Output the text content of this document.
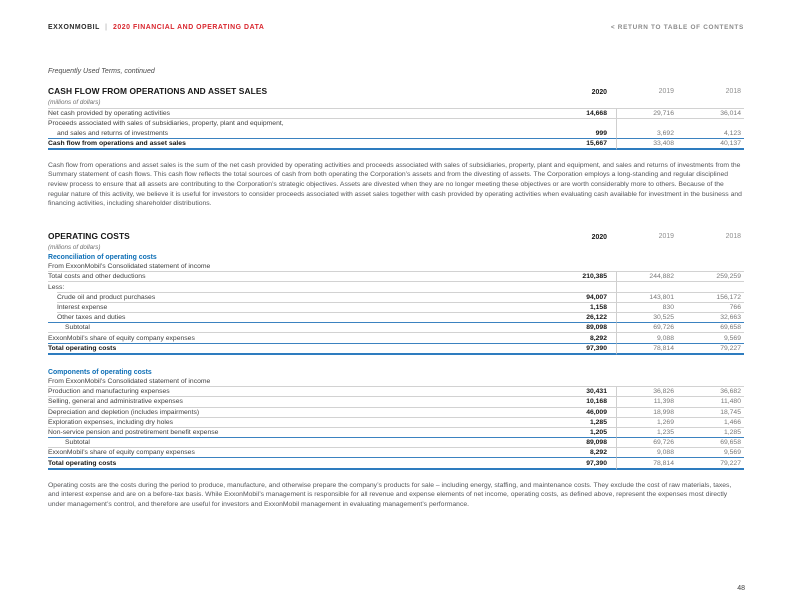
EXXONMOBIL | 2020 FINANCIAL AND OPERATING DATA	< RETURN TO TABLE OF CONTENTS
Frequently Used Terms, continued
CASH FLOW FROM OPERATIONS AND ASSET SALES	2020	2019	2018
(millions of dollars)
Net cash provided by operating activities	14,668	29,716	36,014
Proceeds associated with sales of subsidiaries, property, plant and equipment,
and sales and returns of investments	999	3,692	4,123
Cash flow from operations and asset sales	15,667	33,408	40,137

Cash flow from operations and asset sales is the sum of the net cash provided by operating activities and proceeds associated with sales of subsidiaries, property, plant and equipment, and sales and returns of investments from the Summary statement of cash flows. This cash flow reflects the total sources of cash from both operating the Corporation’s assets and from the divesting of assets. The Corporation employs a long-standing and regular disciplined review process to ensure that all assets are contributing to the Corporation’s strategic objectives. Assets are divested when they are no longer meeting these objectives or are worth considerably more to others. Because of the regular nature of this activity, we believe it is useful for investors to consider proceeds associated with asset sales together with cash provided by operating activities when evaluating cash available for investment in the business and financing activities, including shareholder distributions.

OPERATING COSTS	2020	2019	2018
(millions of dollars)
Reconciliation of operating costs
From ExxonMobil’s Consolidated statement of income
Total costs and other deductions	210,385	244,882	259,259
Less:
Crude oil and product purchases	94,007	143,801	156,172
Interest expense	1,158	830	766
Other taxes and duties	26,122	30,525	32,663
Subtotal	89,098	69,726	69,658
ExxonMobil’s share of equity company expenses	8,292	9,088	9,569
Total operating costs	97,390	78,814	79,227
Components of operating costs
From ExxonMobil’s Consolidated statement of income
Production and manufacturing expenses	30,431	36,826	36,682
Selling, general and administrative expenses	10,168	11,398	11,480
Depreciation and depletion (includes impairments)	46,009	18,998	18,745
Exploration expenses, including dry holes	1,285	1,269	1,466
Non-service pension and postretirement benefit expense	1,205	1,235	1,285
Subtotal	89,098	69,726	69,658
ExxonMobil’s share of equity company expenses	8,292	9,088	9,569
Total operating costs	97,390	78,814	79,227

Operating costs are the costs during the period to produce, manufacture, and otherwise prepare the company’s products for sale – including energy, staffing, and maintenance costs. They exclude the cost of raw materials, taxes, and interest expense and are on a before-tax basis. While ExxonMobil’s management is responsible for all revenue and expense elements of net income, operating costs, as defined above, represent the expenses most directly under management’s control, and therefore are useful for investors and ExxonMobil management in evaluating management’s performance.

48
